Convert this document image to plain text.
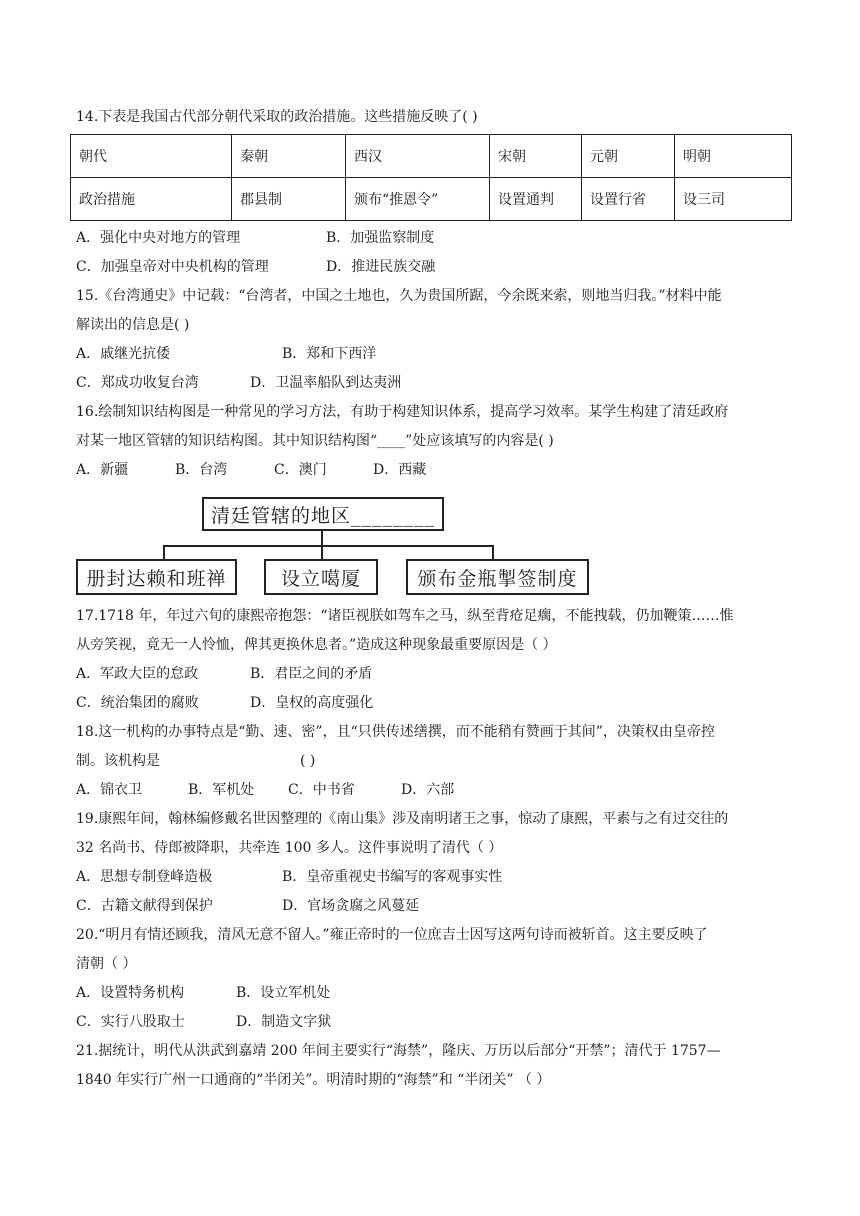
14.下表是我国古代部分朝代采取的政治措施。这些措施反映了( )
朝代	秦朝	西汉	宋朝	元朝	明朝
政治措施	郡县制	颁布“推恩令”	设置通判	设置行省	设三司
A．强化中央对地方的管理	B．加强监察制度
C．加强皇帝对中央机构的管理	D．推进民族交融
15.《台湾通史》中记载：“台湾者，中国之土地也，久为贵国所踞，今余既来索，则地当归我。”材料中能
解读出的信息是( )
A．戚继光抗倭	B．郑和下西洋
C．郑成功收复台湾	D．卫温率船队到达夷洲
16.绘制知识结构图是一种常见的学习方法，有助于构建知识体系，提高学习效率。某学生构建了清廷政府
对某一地区管辖的知识结构图。其中知识结构图“____”处应该填写的内容是( )
A．新疆	B．台湾	C．澳门	D．西藏
清廷管辖的地区________
册封达赖和班禅	设立噶厦	颁布金瓶掣签制度
17.1718 年，年过六旬的康熙帝抱怨：“诸臣视朕如驾车之马，纵至背疮足瘸，不能拽载，仍加鞭策……惟
从旁笑视，竟无一人怜恤，俾其更换休息者。”造成这种现象最重要原因是（ ）
A．军政大臣的怠政	B．君臣之间的矛盾
C．统治集团的腐败	D．皇权的高度强化
18.这一机构的办事特点是“勤、速、密”，且“只供传述缮撰，而不能稍有赞画于其间”，决策权由皇帝控
制。该机构是	( )
A．锦衣卫	B．军机处 C．中书省	D．六部
19.康熙年间，翰林编修戴名世因整理的《南山集》涉及南明诸王之事，惊动了康熙，平素与之有过交往的
32 名尚书、侍郎被降职，共牵连 100 多人。这件事说明了清代（ ）
A．思想专制登峰造极	B．皇帝重视史书编写的客观事实性
C．古籍文献得到保护	D．官场贪腐之风蔓延
20.“明月有情还顾我，清风无意不留人。”雍正帝时的一位庶吉士因写这两句诗而被斩首。这主要反映了
清朝（ ）
A．设置特务机构	B．设立军机处
C．实行八股取士	D．制造文字狱
21.据统计，明代从洪武到嘉靖 200 年间主要实行“海禁”，隆庆、万历以后部分“开禁”；清代于 1757—
1840 年实行广州一口通商的“半闭关”。明清时期的“海禁”和 “半闭关” （ ）
